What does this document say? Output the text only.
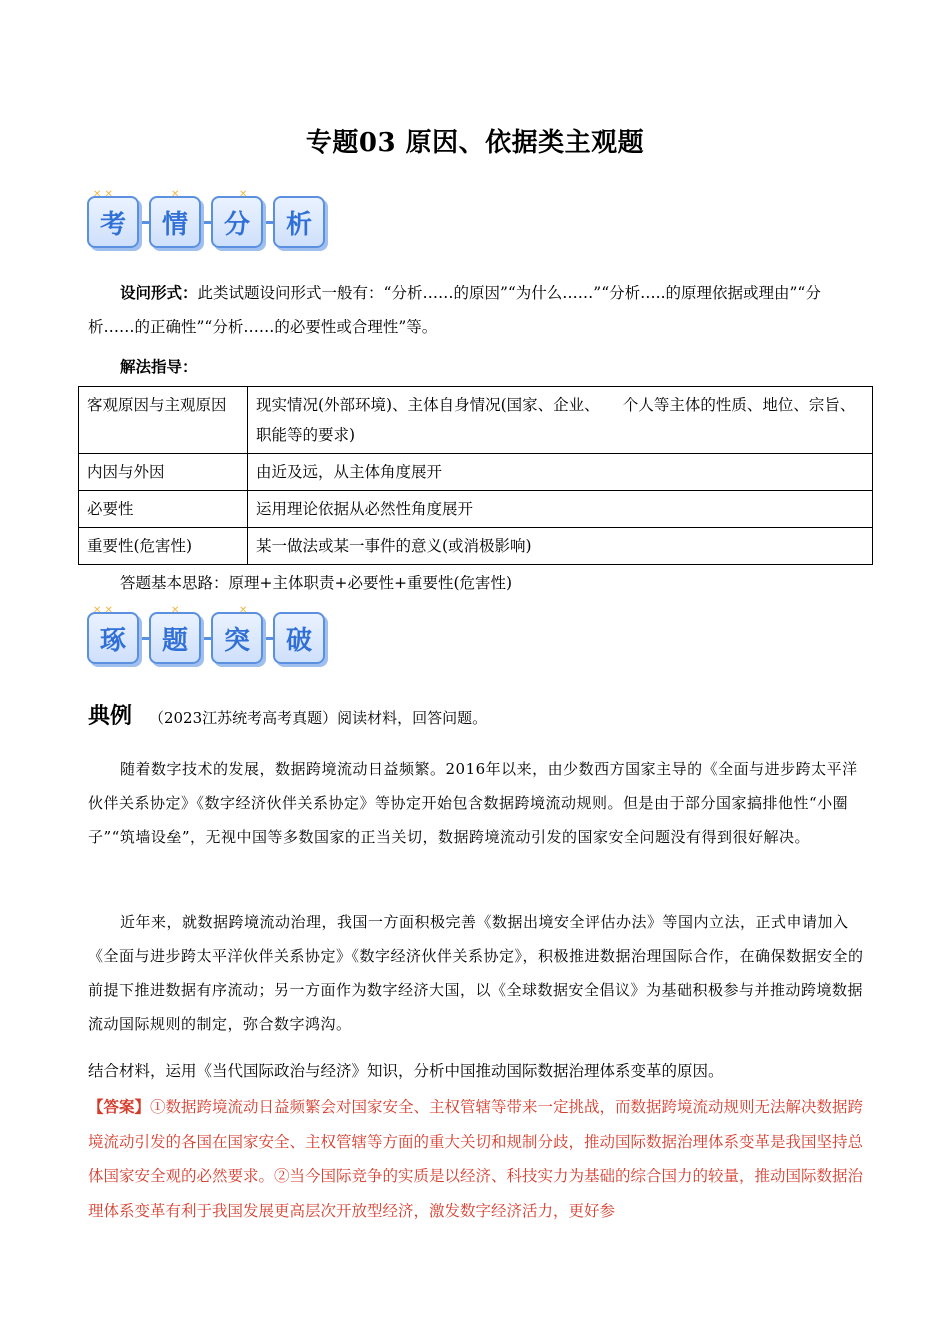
专题03 原因、依据类主观题
✕ ✕
考
✕
情
✕
分 析
设问形式：此类试题设问形式一般有：“分析……的原因”“为什么……”“分析…..的原理依据或理由”“分析……的正确性”“分析……的必要性或合理性”等。
解法指导：
客观原因与主观原因	现实情况(外部环境)、主体自身情况(国家、企业、　　个人等主体的性质、地位、宗旨、职能等的要求)
内因与外因	由近及远，从主体角度展开
必要性	运用理论依据从必然性角度展开
重要性(危害性)	某一做法或某一事件的意义(或消极影响)
答题基本思路：原理+主体职责+必要性+重要性(危害性)
✕ ✕
琢
✕
题
✕
突 破
典例 （2023江苏统考高考真题）阅读材料，回答问题。
随着数字技术的发展，数据跨境流动日益频繁。2016年以来，由少数西方国家主导的《全面与进步跨太平洋伙伴关系协定》《数字经济伙伴关系协定》等协定开始包含数据跨境流动规则。但是由于部分国家搞排他性“小圈子”“筑墙设垒”，无视中国等多数国家的正当关切，数据跨境流动引发的国家安全问题没有得到很好解决。
近年来，就数据跨境流动治理，我国一方面积极完善《数据出境安全评估办法》等国内立法，正式申请加入《全面与进步跨太平洋伙伴关系协定》《数字经济伙伴关系协定》，积极推进数据治理国际合作，在确保数据安全的前提下推进数据有序流动；另一方面作为数字经济大国，以《全球数据安全倡议》为基础积极参与并推动跨境数据流动国际规则的制定，弥合数字鸿沟。
结合材料，运用《当代国际政治与经济》知识，分析中国推动国际数据治理体系变革的原因。
【答案】①数据跨境流动日益频繁会对国家安全、主权管辖等带来一定挑战，而数据跨境流动规则无法解决数据跨境流动引发的各国在国家安全、主权管辖等方面的重大关切和规制分歧，推动国际数据治理体系变革是我国坚持总体国家安全观的必然要求。②当今国际竞争的实质是以经济、科技实力为基础的综合国力的较量，推动国际数据治理体系变革有利于我国发展更高层次开放型经济，激发数字经济活力，更好参
